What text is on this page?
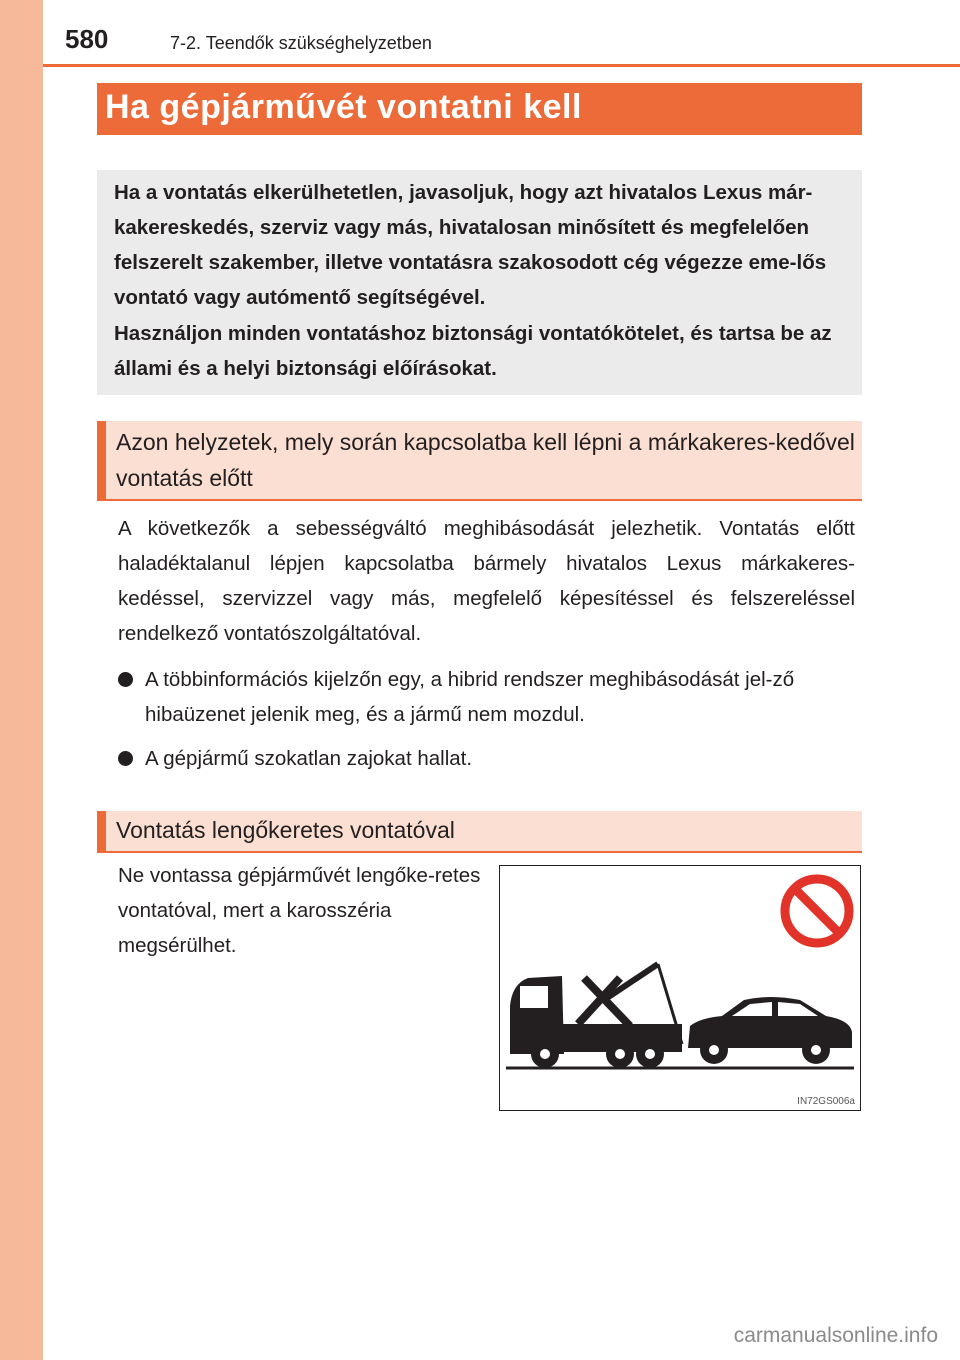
580	7-2. Teendők szükséghelyzetben
Ha gépjárművét vontatni kell

Ha a vontatás elkerülhetetlen, javasoljuk, hogy azt hivatalos Lexus már-kakereskedés, szerviz vagy más, hivatalosan minősített és megfelelően felszerelt szakember, illetve vontatásra szakosodott cég végezze eme-lős vontató vagy autómentő segítségével.

Használjon minden vontatáshoz biztonsági vontatókötelet, és tartsa be az állami és a helyi biztonsági előírásokat.

Azon helyzetek, mely során kapcsolatba kell lépni a márkakeres-kedővel vontatás előtt

A következők a sebességváltó meghibásodását jelezhetik. Vontatás előtt haladéktalanul lépjen kapcsolatba bármely hivatalos Lexus márkakeres-kedéssel, szervizzel vagy más, megfelelő képesítéssel és felszereléssel rendelkező vontatószolgáltatóval.

A többinformációs kijelzőn egy, a hibrid rendszer meghibásodását jel-ző hibaüzenet jelenik meg, és a jármű nem mozdul.
A gépjármű szokatlan zajokat hallat.
Vontatás lengőkeretes vontatóval

Ne vontassa gépjárművét lengőke-retes vontatóval, mert a karosszéria megsérülhet.

IN72GS006a
carmanualsonline.info
